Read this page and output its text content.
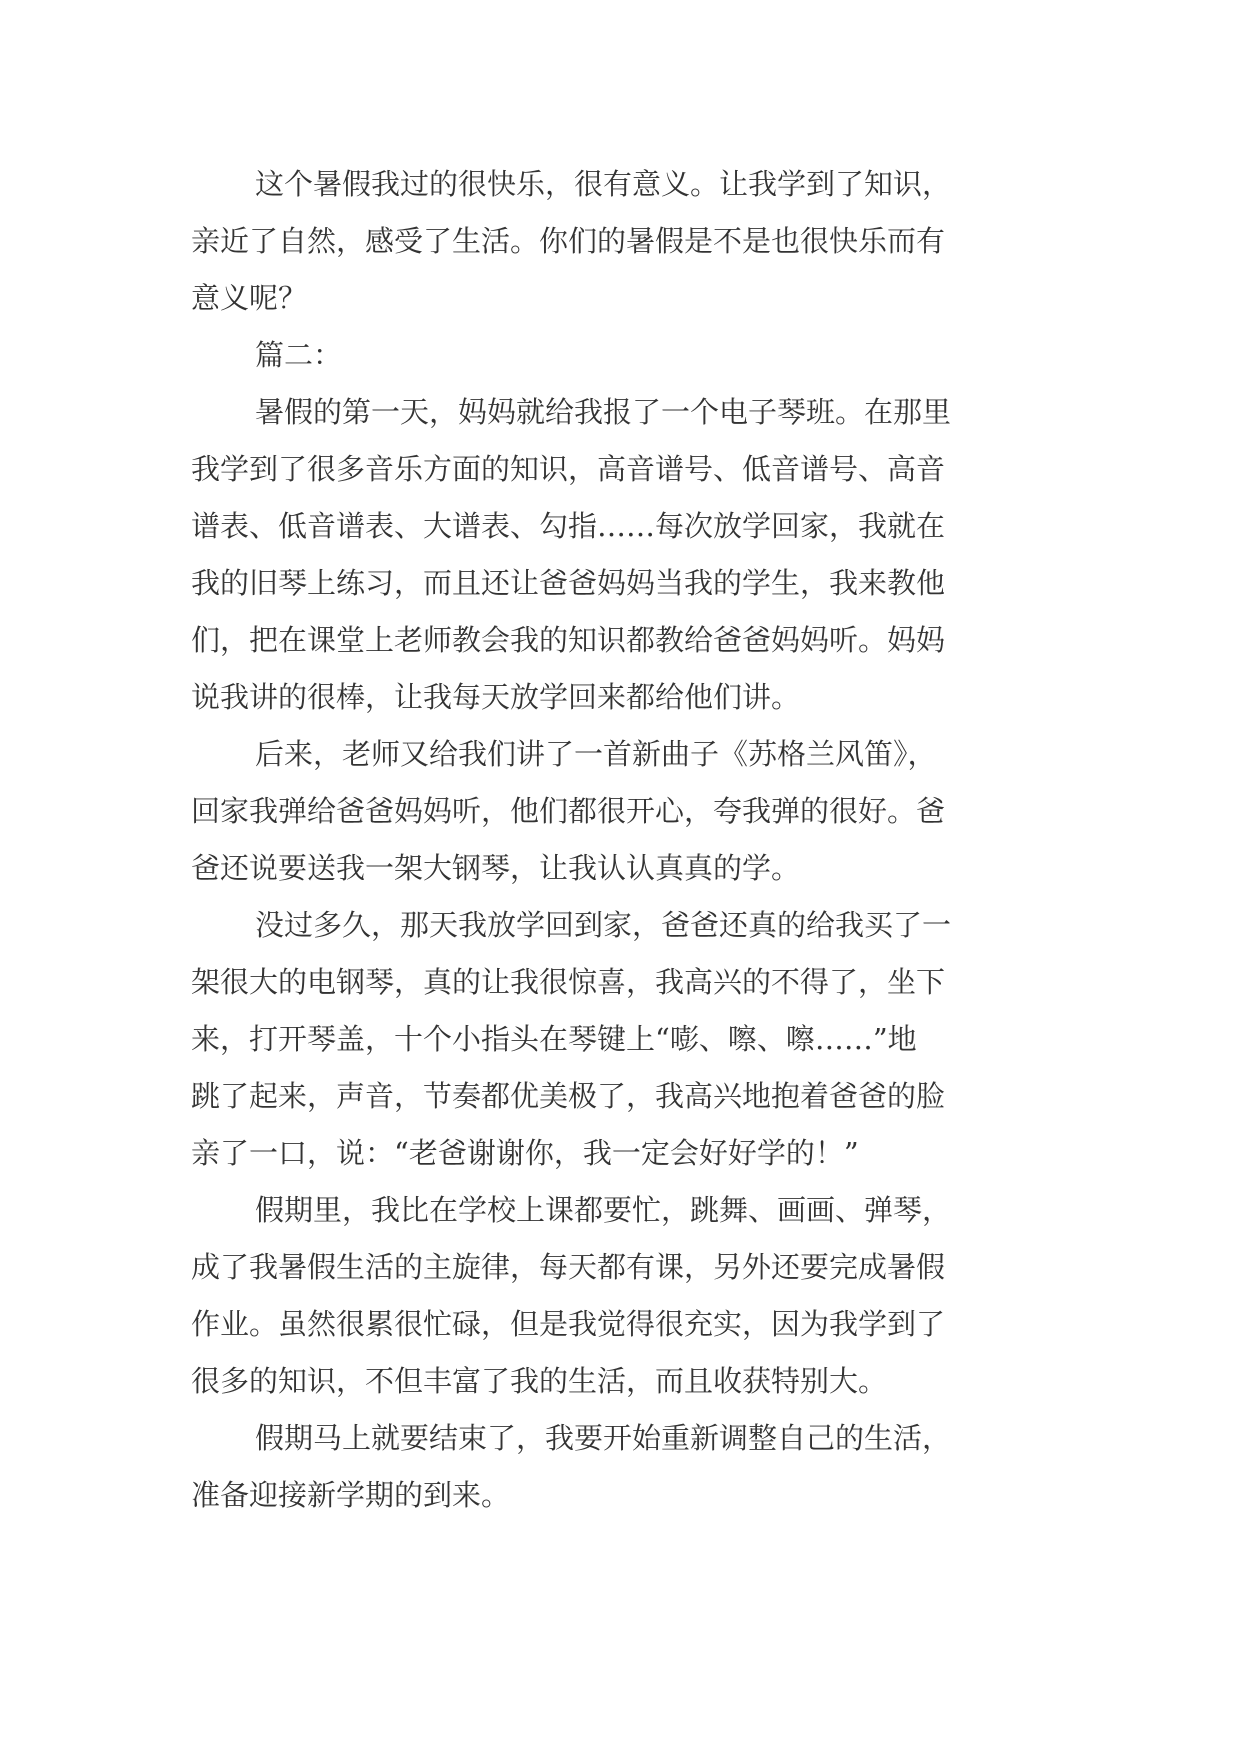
这个暑假我过的很快乐，很有意义。让我学到了知识，

亲近了自然，感受了生活。你们的暑假是不是也很快乐而有

意义呢？

篇二：

暑假的第一天，妈妈就给我报了一个电子琴班。在那里

我学到了很多音乐方面的知识，高音谱号、低音谱号、高音

谱表、低音谱表、大谱表、勾指……每次放学回家，我就在

我的旧琴上练习，而且还让爸爸妈妈当我的学生，我来教他

们，把在课堂上老师教会我的知识都教给爸爸妈妈听。妈妈

说我讲的很棒，让我每天放学回来都给他们讲。

后来，老师又给我们讲了一首新曲子《苏格兰风笛》，

回家我弹给爸爸妈妈听，他们都很开心，夸我弹的很好。爸

爸还说要送我一架大钢琴，让我认认真真的学。

没过多久，那天我放学回到家，爸爸还真的给我买了一

架很大的电钢琴，真的让我很惊喜，我高兴的不得了，坐下

来，打开琴盖，十个小指头在琴键上“嘭、嚓、嚓……”地

跳了起来，声音，节奏都优美极了，我高兴地抱着爸爸的脸

亲了一口，说：“老爸谢谢你，我一定会好好学的！”

假期里，我比在学校上课都要忙，跳舞、画画、弹琴，

成了我暑假生活的主旋律，每天都有课，另外还要完成暑假

作业。虽然很累很忙碌，但是我觉得很充实，因为我学到了

很多的知识，不但丰富了我的生活，而且收获特别大。

假期马上就要结束了，我要开始重新调整自己的生活，

准备迎接新学期的到来。
